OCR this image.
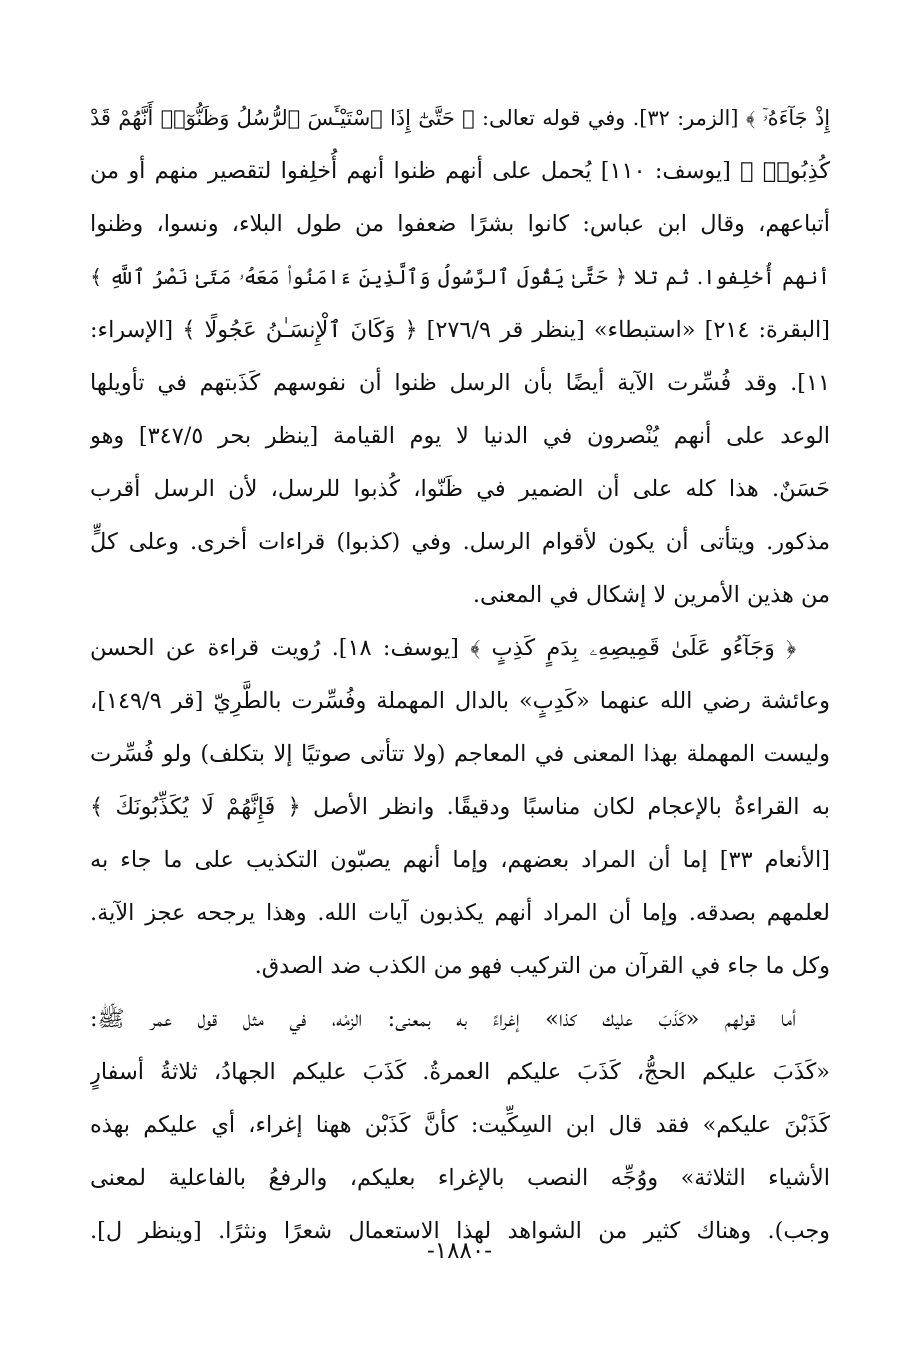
إِذْ جَآءَهُۥٓ ﴾ [الزمر: ٣٢]. وفي قوله تعالى: ﴿ حَتَّىٰٓ إِذَا ٱسْتَيْـَٔسَ ٱلرُّسُلُ وَظَنُّوٓا۟ أَنَّهُمْ قَدْ
كُذِبُوا۟ ﴾ [يوسف: ١١٠] يُحمل على أنهم ظنوا أنهم أُخلِفوا لتقصير منهم أو من
أتباعهم، وقال ابن عباس: كانوا بشرًا ضعفوا من طول البلاء، ونسوا، وظنوا
أنهم أُخلِفوا. ثم تلا ﴿ حَتَّىٰ يَقُولَ ٱلرَّسُولُ وَٱلَّذِينَ ءَامَنُوا۟ مَعَهُۥ مَتَىٰ نَصْرُ ٱللَّهِ ﴾
[البقرة: ٢١٤] «استبطاء» [ينظر قر ٢٧٦/٩] ﴿ وَكَانَ ٱلْإِنسَـٰنُ عَجُولًا ﴾ [الإسراء:
١١]. وقد فُسِّرت الآية أيضًا بأن الرسل ظنوا أن نفوسهم كَذَبتهم في تأويلها
الوعد على أنهم يُنْصرون في الدنيا لا يوم القيامة [ينظر بحر ٣٤٧/٥] وهو
حَسَنٌ. هذا كله على أن الضمير في ظَنّوا، كُذبوا للرسل، لأن الرسل أقرب
مذكور. ويتأتى أن يكون لأقوام الرسل. وفي (كذبوا) قراءات أخرى. وعلى كلٍّ
من هذين الأمرين لا إشكال في المعنى.
﴿ وَجَآءُو عَلَىٰ قَمِيصِهِۦ بِدَمٍ كَذِبٍ ﴾ [يوسف: ١٨]. رُويت قراءة عن الحسن
وعائشة رضي الله عنهما «كَدِبٍ» بالدال المهملة وفُسِّرت بالطَّرِيّ [قر ١٤٩/٩]،
وليست المهملة بهذا المعنى في المعاجم (ولا تتأتى صوتيًا إلا بتكلف) ولو فُسِّرت
به القراءةُ بالإعجام لكان مناسبًا ودقيقًا. وانظر الأصل ﴿ فَإِنَّهُمْ لَا يُكَذِّبُونَكَ ﴾
[الأنعام ٣٣] إما أن المراد بعضهم، وإما أنهم يصبّون التكذيب على ما جاء به
لعلمهم بصدقه. وإما أن المراد أنهم يكذبون آيات الله. وهذا يرجحه عجز الآية.
وكل ما جاء في القرآن من التركيب فهو من الكذب ضد الصدق.
أما قولهم «كَذَبَ عليك كذا» إغراءً به بمعنى: الزمْه، في مثل قول عمر ﷺ:
«كَذَبَ عليكم الحجُّ، كَذَبَ عليكم العمرةُ. كَذَبَ عليكم الجهادُ، ثلاثةُ أسفارٍ
كَذَبْنَ عليكم» فقد قال ابن السِكِّيت: كأنَّ كَذَبْن ههنا إغراء، أي عليكم بهذه
الأشياء الثلاثة» ووُجِّه النصب بالإغراء بعليكم، والرفعُ بالفاعلية لمعنى
وجب). وهناك كثير من الشواهد لهذا الاستعمال شعرًا ونثرًا. [وينظر ل].
-١٨٨٠-
